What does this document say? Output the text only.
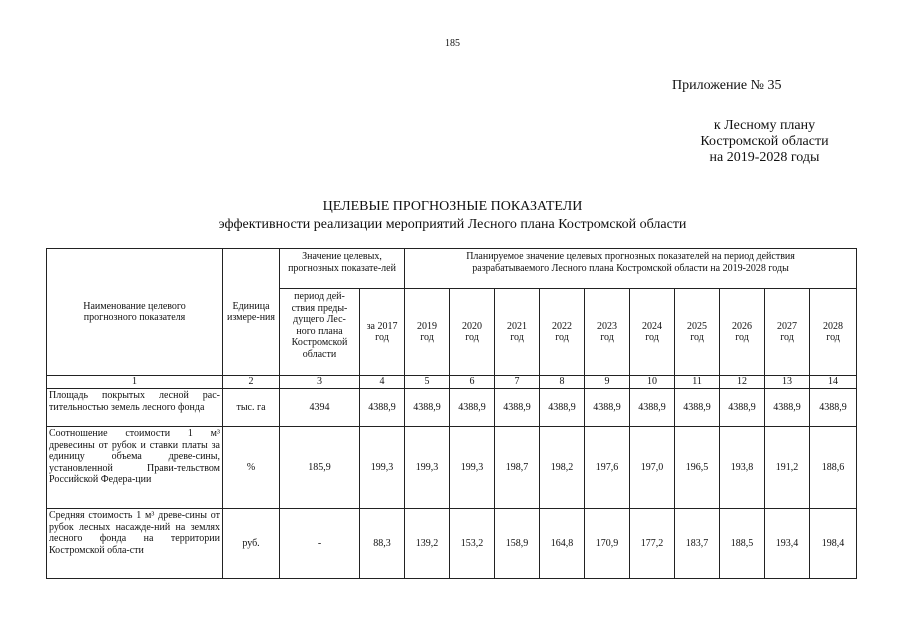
185
Приложение № 35
к Лесному плану
Костромской области
на 2019-2028 годы
ЦЕЛЕВЫЕ ПРОГНОЗНЫЕ ПОКАЗАТЕЛИ
эффективности реализации мероприятий Лесного плана Костромской области
Наименование целевого прогнозного показателя	Единица измере-ния	Значение целевых, прогнозных показате-лей		Планируемое значение целевых прогнозных показателей на период действия разрабатываемого Лесного плана Костромской области на 2019-2028 годы									
		период дей-ствия преды-дущего Лес-ного плана Костромской области	за 2017 год	2019 год	2020 год	2021 год	2022 год	2023 год	2024 год	2025 год	2026 год	2027 год	2028 год
1	2	3	4	5	6	7	8	9	10	11	12	13	14
Площадь покрытых лесной рас-тительностью земель лесного фонда	тыс. га	4394	4388,9	4388,9	4388,9	4388,9	4388,9	4388,9	4388,9	4388,9	4388,9	4388,9	4388,9
Соотношение стоимости 1 м³ древесины от рубок и ставки платы за единицу объема древе-сины, установленной Прави-тельством Российской Федера-ции	%	185,9	199,3	199,3	199,3	198,7	198,2	197,6	197,0	196,5	193,8	191,2	188,6
Средняя стоимость 1 м³ древе-сины от рубок лесных насажде-ний на землях лесного фонда на территории Костромской обла-сти	руб.	-	88,3	139,2	153,2	158,9	164,8	170,9	177,2	183,7	188,5	193,4	198,4
